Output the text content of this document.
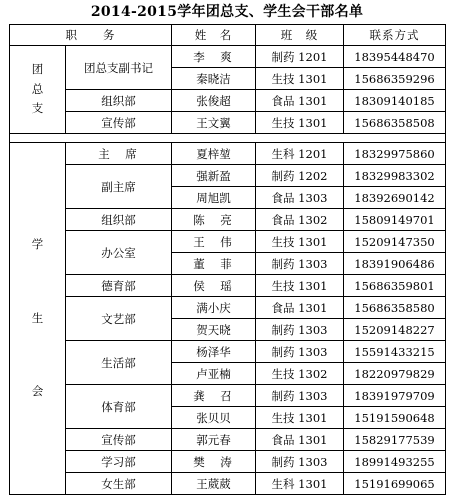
2014-2015学年团总支、学生会干部名单
职　　务		姓　名	班　级	联系方式

团
总
支	团总支副书记	李　爽	制药 1201	18395448470
		秦晓洁	生技 1301	15686359296
	组织部	张俊超	食品 1301	18309140185
	宣传部	王文翼	生技 1301	15686358508

学
生
会	主　席	夏梓堃	生科 1201	18329975860
	副主席	强新盈	制药 1202	18329983302
		周旭凯	食品 1303	18392690142
	组织部	陈　亮	食品 1302	15809149701
	办公室	王　伟	生技 1301	15209147350
		董　菲	制药 1303	18391906486
	德育部	侯　瑶	生技 1301	15686359801
	文艺部	满小庆	食品 1301	15686358580
		贺天晓	制药 1303	15209148227
	生活部	杨泽华	制药 1303	15591433215
		卢亚楠	生技 1302	18220979829
	体育部	龚　召	制药 1303	18391979709
		张贝贝	生技 1301	15191590648
	宣传部	郭元春	食品 1301	15829177539
	学习部	樊　涛	制药 1303	18991493255
	女生部	王葳葳	生科 1301	15191699065
